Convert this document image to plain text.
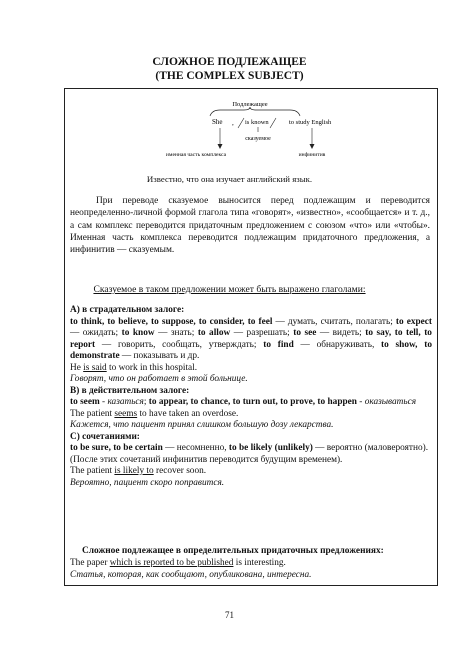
СЛОЖНОЕ ПОДЛЕЖАЩЕЕ
(THE COMPLEX SUBJECT)
Подлежащее
She , is known	to study English
сказуемое
именная часть комплекса	инфинитив
Известно, что она изучает английский язык.
При переводе сказуемое выносится перед подлежащим и переводится неопределенно-личной формой глагола типа «говорят», «известно», «сообщается» и т. д., а сам комплекс переводится придаточным предложением с союзом «что» или «чтобы». Именная часть комплекса переводится подлежащим придаточного предложения, а инфинитив — сказуемым.
Сказуемое в таком предложении может быть выражено глаголами:

А) в страдательном залоге:

to think, to believe, to suppose, to consider, to feel — думать, считать, полагать; to expect — ожидать; to know — знать; to allow — разрешать; to see — видеть; to say, to tell, to report — говорить, сообщать, утверждать; to find — обнаруживать, to show, to demonstrate — показывать и др.

He is said to work in this hospital.

Говорят, что он работает в этой больнице.

В) в действительном залоге:

to seem - казаться; to appear, to chance, to turn out, to prove, to happen - оказываться

The patient seems to have taken an overdose.

Кажется, что пациент принял слишком большую дозу лекарства.

С) сочетаниями:

to be sure, to be certain — несомненно, to be likely (unlikely) — вероятно (маловероятно).

(После этих сочетаний инфинитив переводится будущим временем).

The patient is likely to recover soon.

Вероятно, пациент скоро поправится.

Сложное подлежащее в определительных придаточных предложениях:
The paper which is reported to be published is interesting.
Статья, которая, как сообщают, опубликована, интересна.
71
